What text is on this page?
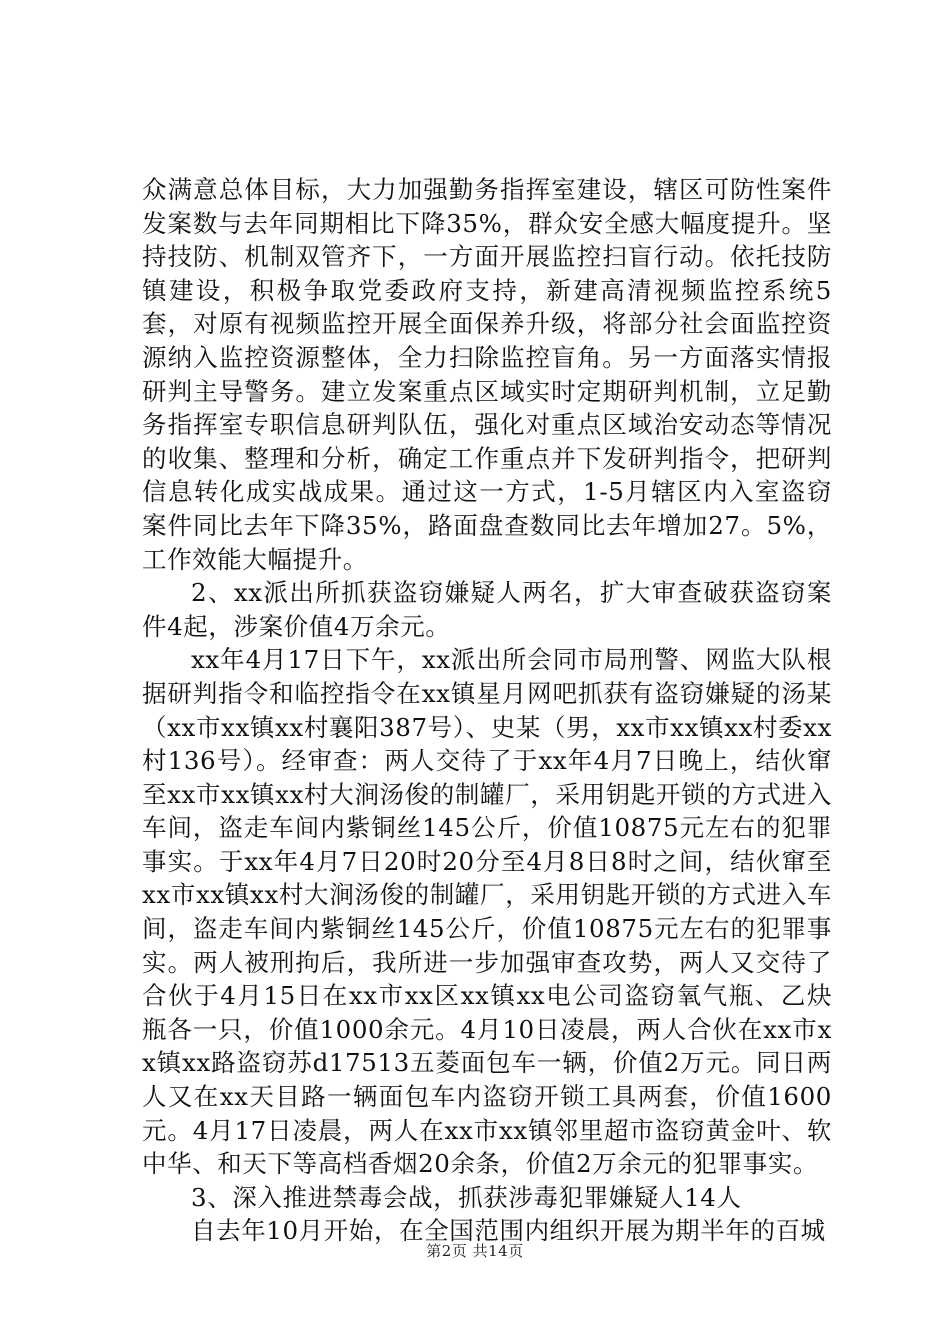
众满意总体目标，大力加强勤务指挥室建设，辖区可防性案件发案数与去年同期相比下降35%，群众安全感大幅度提升。坚持技防、机制双管齐下，一方面开展监控扫盲行动。依托技防镇建设，积极争取党委政府支持，新建高清视频监控系统5套，对原有视频监控开展全面保养升级，将部分社会面监控资源纳入监控资源整体，全力扫除监控盲角。另一方面落实情报研判主导警务。建立发案重点区域实时定期研判机制，立足勤务指挥室专职信息研判队伍，强化对重点区域治安动态等情况的收集、整理和分析，确定工作重点并下发研判指令，把研判信息转化成实战成果。通过这一方式，1-5月辖区内入室盗窃案件同比去年下降35%，路面盘查数同比去年增加27。5%，工作效能大幅提升。

2、xx派出所抓获盗窃嫌疑人两名，扩大审查破获盗窃案件4起，涉案价值4万余元。

xx年4月17日下午，xx派出所会同市局刑警、网监大队根据研判指令和临控指令在xx镇星月网吧抓获有盗窃嫌疑的汤某（xx市xx镇xx村襄阳387号）、史某（男，xx市xx镇xx村委xx村136号）。经审查：两人交待了于xx年4月7日晚上，结伙窜至xx市xx镇xx村大涧汤俊的制罐厂，采用钥匙开锁的方式进入车间，盗走车间内紫铜丝145公斤，价值10875元左右的犯罪事实。于xx年4月7日20时20分至4月8日8时之间，结伙窜至xx市xx镇xx村大涧汤俊的制罐厂，采用钥匙开锁的方式进入车间，盗走车间内紫铜丝145公斤，价值10875元左右的犯罪事实。两人被刑拘后，我所进一步加强审查攻势，两人又交待了合伙于4月15日在xx市xx区xx镇xx电公司盗窃氧气瓶、乙炔瓶各一只，价值1000余元。4月10日凌晨，两人合伙在xx市xx镇xx路盗窃苏d17513五菱面包车一辆，价值2万元。同日两人又在xx天目路一辆面包车内盗窃开锁工具两套，价值1600元。4月17日凌晨，两人在xx市xx镇邻里超市盗窃黄金叶、软中华、和天下等高档香烟20余条，价值2万余元的犯罪事实。

3、深入推进禁毒会战，抓获涉毒犯罪嫌疑人14人

自去年10月开始，在全国范围内组织开展为期半年的百城

第2页 共14页
